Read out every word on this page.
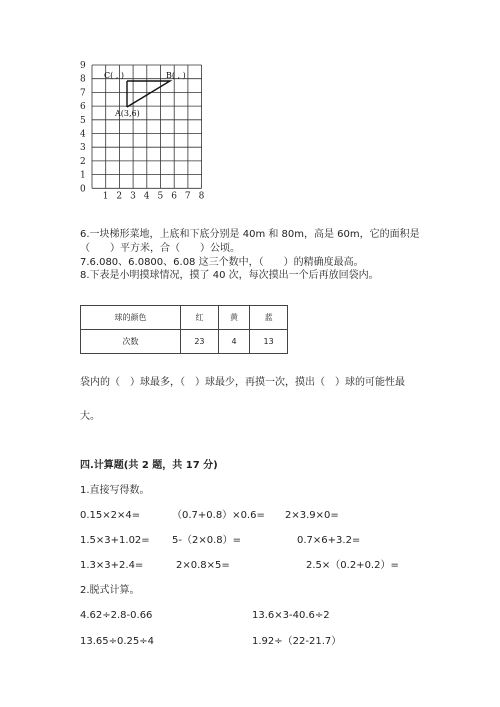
9
8
7
6
5
4
3
2
1
0
1 2 3 4 5 6 7 8
C( , )	B( , )
A(3,6)
6.一块梯形菜地，上底和下底分别是 40m 和 80m，高是 60m，它的面积是
（　　）平方米，合（　　）公顷。
7.6.080、6.0800、6.08 这三个数中，（　　）的精确度最高。
8.下表是小明摸球情况，摸了 40 次，每次摸出一个后再放回袋内。
球的颜色	红	黄	蓝
次数	23	4	13
袋内的（　）球最多，（　）球最少，再摸一次，摸出（　）球的可能性最
大。
四.计算题(共 2 题，共 17 分)
1.直接写得数。
0.15×2×4=	（0.7+0.8）×0.6= 2×3.9×0=
1.5×3+1.02= 5-（2×0.8）=	0.7×6+3.2=
1.3×3+2.4=	2×0.8×5=	2.5×（0.2+0.2）=
2.脱式计算。
4.62÷2.8-0.66	13.6×3-40.6÷2
13.65÷0.25÷4	1.92÷（22-21.7）
